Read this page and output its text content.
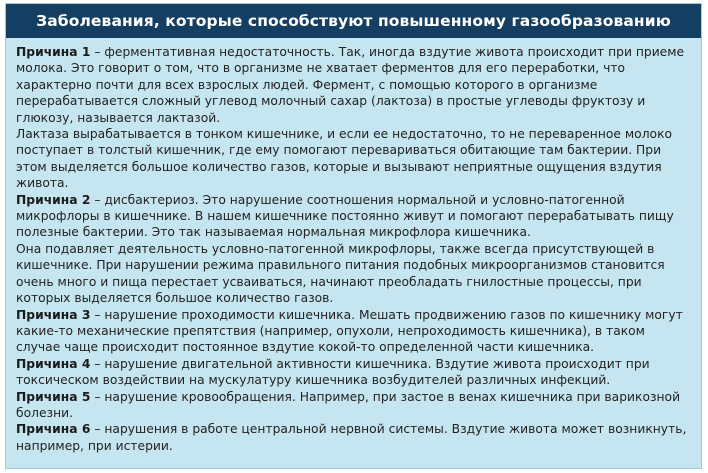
Заболевания, которые способствуют повышенному газообразованию

Причина 1 – ферментативная недостаточность. Так, иногда вздутие живота происходит при приеме молока. Это говорит о том, что в организме не хватает ферментов для его переработки, что характерно почти для всех взрослых людей. Фермент, с помощью которого в организме перерабатывается сложный углевод молочный сахар (лактоза) в простые углеводы фруктозу и глюкозу, называется лактазой.

Лактаза вырабатывается в тонком кишечнике, и если ее недостаточно, то не переваренное молоко поступает в толстый кишечник, где ему помогают перевариваться обитающие там бактерии. При этом выделяется большое количество газов, которые и вызывают неприятные ощущения вздутия живота.

Причина 2 – дисбактериоз. Это нарушение соотношения нормальной и условно-патогенной микрофлоры в кишечнике. В нашем кишечнике постоянно живут и помогают перерабатывать пищу полезные бактерии. Это так называемая нормальная микрофлора кишечника.

Она подавляет деятельность условно-патогенной микрофлоры, также всегда присутствующей в кишечнике. При нарушении режима правильного питания подобных микроорганизмов становится очень много и пища перестает усваиваться, начинают преобладать гнилостные процессы, при которых выделяется большое количество газов.

Причина 3 – нарушение проходимости кишечника. Мешать продвижению газов по кишечнику могут какие-то механические препятствия (например, опухоли, непроходимость кишечника), в таком случае чаще происходит постоянное вздутие кокой-то определенной части кишечника.

Причина 4 – нарушение двигательной активности кишечника. Вздутие живота происходит при токсическом воздействии на мускулатуру кишечника возбудителей различных инфекций.

Причина 5 – нарушение кровообращения. Например, при застое в венах кишечника при варикозной болезни.

Причина 6 – нарушения в работе центральной нервной системы. Вздутие живота может возникнуть, например, при истерии.
